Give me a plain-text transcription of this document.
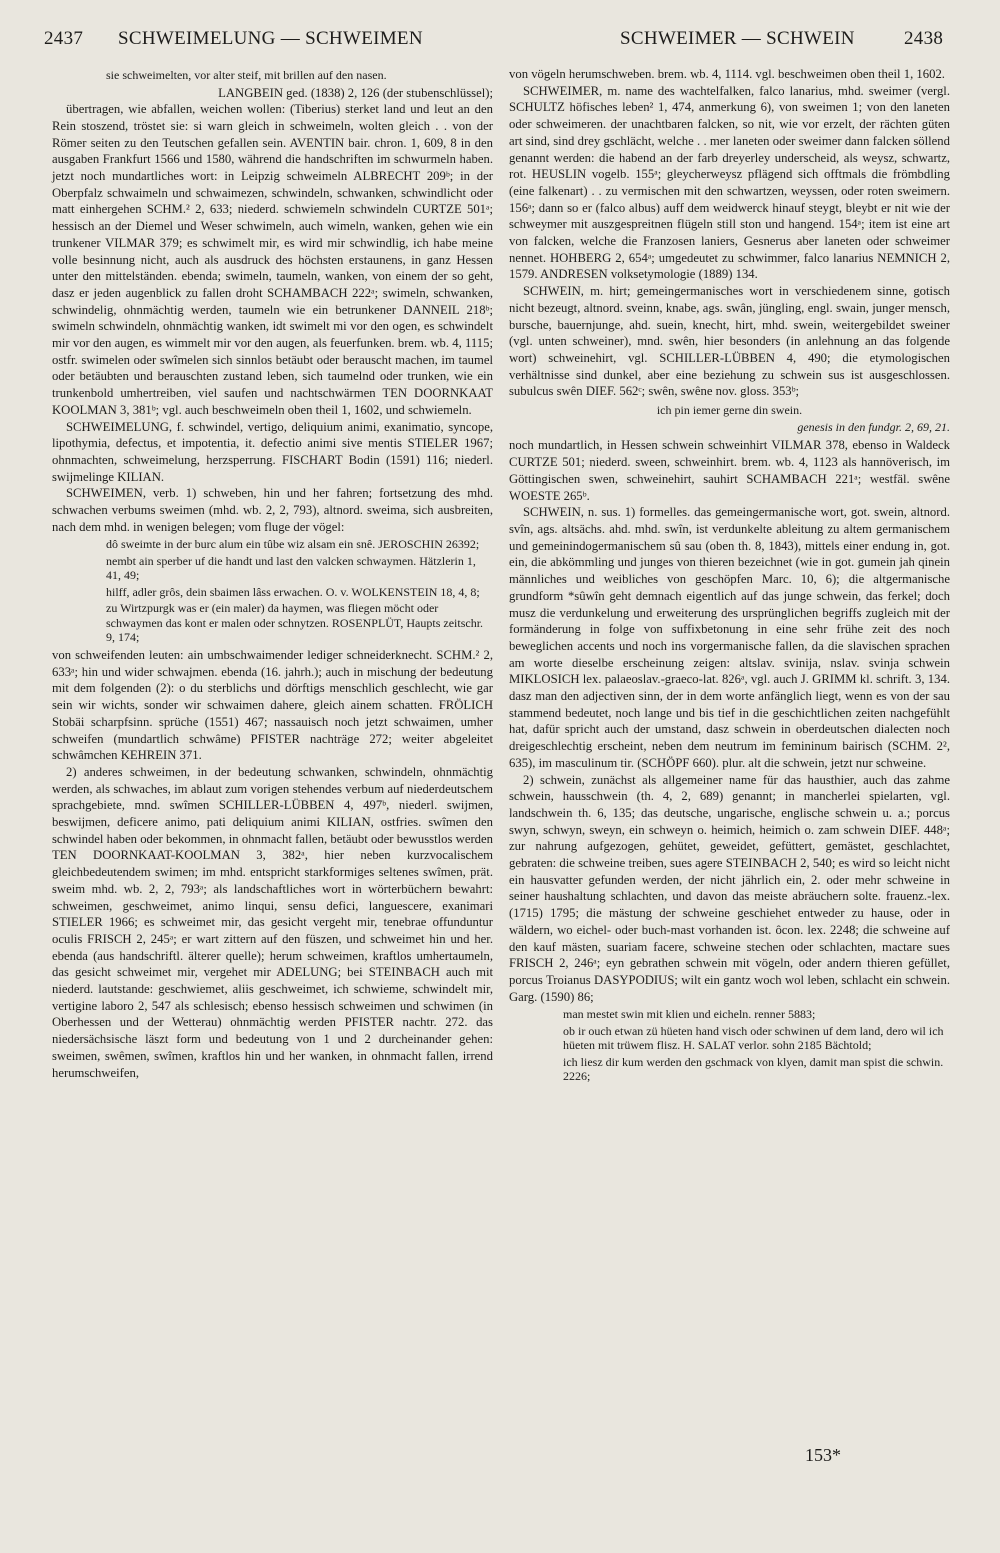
2437 SCHWEIMELUNG — SCHWEIMEN	SCHWEIMER — SCHWEIN	2438
sie schweimelten, vor alter steif, mit brillen auf den nasen.

LANGBEIN ged. (1838) 2, 126 (der stubenschlüssel);

übertragen, wie abfallen, weichen wollen: (Tiberius) sterket land und leut an den Rein stoszend, tröstet sie: si warn gleich in schweimeln, wolten gleich . . von der Römer seiten zu den Teutschen gefallen sein. AVENTIN bair. chron. 1, 609, 8 in den ausgaben Frankfurt 1566 und 1580, während die handschriften im schwurmeln haben. jetzt noch mundartliches wort: in Leipzig schweimeln ALBRECHT 209ᵇ; in der Oberpfalz schwaimeln und schwaimezen, schwindeln, schwanken, schwindlicht oder matt einhergehen SCHM.² 2, 633; niederd. schwiemeln schwindeln CURTZE 501ᵃ; hessisch an der Diemel und Weser schwimeln, auch wimeln, wanken, gehen wie ein trunkener VILMAR 379; es schwimelt mir, es wird mir schwindlig, ich habe meine volle besinnung nicht, auch als ausdruck des höchsten erstaunens, in ganz Hessen unter den mittelständen. ebenda; swimeln, taumeln, wanken, von einem der so geht, dasz er jeden augenblick zu fallen droht SCHAMBACH 222ᵃ; swimeln, schwanken, schwindelig, ohnmächtig werden, taumeln wie ein betrunkener DANNEIL 218ᵇ; swimeln schwindeln, ohnmächtig wanken, idt swimelt mi vor den ogen, es schwindelt mir vor den augen, es wimmelt mir vor den augen, als feuerfunken. brem. wb. 4, 1115; ostfr. swimelen oder swîmelen sich sinnlos betäubt oder berauscht machen, im taumel oder betäubten und berauschten zustand leben, sich taumelnd oder trunken, wie ein trunkenbold umhertreiben, viel saufen und nachtschwärmen TEN DOORNKAAT KOOLMAN 3, 381ᵇ; vgl. auch beschweimeln oben theil 1, 1602, und schwiemeln.

SCHWEIMELUNG, f. schwindel, vertigo, deliquium animi, exanimatio, syncope, lipothymia, defectus, et impotentia, it. defectio animi sive mentis STIELER 1967; ohnmachten, schweimelung, herzsperrung. FISCHART Bodin (1591) 116; niederl. swijmelinge KILIAN.

SCHWEIMEN, verb. 1) schweben, hin und her fahren; fortsetzung des mhd. schwachen verbums sweimen (mhd. wb. 2, 2, 793), altnord. sweima, sich ausbreiten, nach dem mhd. in wenigen belegen; vom fluge der vögel:

dô sweimte in der burc alum ein tûbe wiz alsam ein snê. JEROSCHIN 26392;
nembt ain sperber uf die handt und last den valcken schwaymen. Hätzlerin 1, 41, 49;
hilff, adler grôs, dein sbaimen lâss erwachen. O. v. WOLKENSTEIN 18, 4, 8;
zu Wirtzpurgk was er (ein maler) da haymen, was fliegen möcht oder schwaymen das kont er malen oder schnytzen. ROSENPLÜT, Haupts zeitschr. 9, 174;

von schweifenden leuten: ain umbschwaimender lediger schneiderknecht. SCHM.² 2, 633ᵃ; hin und wider schwajmen. ebenda (16. jahrh.); auch in mischung der bedeutung mit dem folgenden (2): o du sterblichs und dörftigs menschlich geschlecht, wie gar sein wir wichts, sonder wir schwaimen dahere, gleich ainem schatten. FRÖLICH Stobäi scharpfsinn. sprüche (1551) 467; nassauisch noch jetzt schwaimen, umher schweifen (mundartlich schwâme) PFISTER nachträge 272; weiter abgeleitet schwâmchen KEHREIN 371.

2) anderes schweimen, in der bedeutung schwanken, schwindeln, ohnmächtig werden, als schwaches, im ablaut zum vorigen stehendes verbum auf niederdeutschem sprachgebiete, mnd. swîmen SCHILLER-LÜBBEN 4, 497ᵇ, niederl. swijmen, beswijmen, deficere animo, pati deliquium animi KILIAN, ostfries. swîmen den schwindel haben oder bekommen, in ohnmacht fallen, betäubt oder bewusstlos werden TEN DOORNKAAT-KOOLMAN 3, 382ᵃ, hier neben kurzvocalischem gleichbedeutendem swimen; im mhd. entspricht starkformiges seltenes swîmen, prät. sweim mhd. wb. 2, 2, 793ᵃ; als landschaftliches wort in wörterbüchern bewahrt: schweimen, geschweimet, animo linqui, sensu defici, languescere, exanimari STIELER 1966; es schweimet mir, das gesicht vergeht mir, tenebrae offunduntur oculis FRISCH 2, 245ᵃ; er wart zittern auf den füszen, und schweimet hin und her. ebenda (aus handschriftl. älterer quelle); herum schweimen, kraftlos umhertaumeln, das gesicht schweimet mir, vergehet mir ADELUNG; bei STEINBACH auch mit niederd. lautstande: geschwiemet, aliis geschweimet, ich schwieme, schwindelt mir, vertigine laboro 2, 547 als schlesisch; ebenso hessisch schweimen und schwimen (in Oberhessen und der Wetterau) ohnmächtig werden PFISTER nachtr. 272. das niedersächsische läszt form und bedeutung von 1 und 2 durcheinander gehen: sweimen, swêmen, swîmen, kraftlos hin und her wanken, in ohnmacht fallen, irrend herumschweifen,

von vögeln herumschweben. brem. wb. 4, 1114. vgl. beschweimen oben theil 1, 1602.

SCHWEIMER, m. name des wachtelfalken, falco lanarius, mhd. sweimer (vergl. SCHULTZ höfisches leben² 1, 474, anmerkung 6), von sweimen 1; von den laneten oder schweimeren. der unachtbaren falcken, so nit, wie vor erzelt, der rächten güten art sind, sind drey gschlächt, welche . . mer laneten oder sweimer dann falcken söllend genannt werden: die habend an der farb dreyerley underscheid, als weysz, schwartz, rot. HEUSLIN vogelb. 155ᵃ; gleycherweysz pflägend sich offtmals die frömbdling (eine falkenart) . . zu vermischen mit den schwartzen, weyssen, oder roten sweimern. 156ᵃ; dann so er (falco albus) auff dem weidwerck hinauf steygt, bleybt er nit wie der schweymer mit auszgespreitnen flügeln still ston und hangend. 154ᵃ; item ist eine art von falcken, welche die Franzosen laniers, Gesnerus aber laneten oder schweimer nennet. HOHBERG 2, 654ᵃ; umgedeutet zu schwimmer, falco lanarius NEMNICH 2, 1579. ANDRESEN volksetymologie (1889) 134.

SCHWEIN, m. hirt; gemeingermanisches wort in verschiedenem sinne, gotisch nicht bezeugt, altnord. sveinn, knabe, ags. swân, jüngling, engl. swain, junger mensch, bursche, bauernjunge, ahd. suein, knecht, hirt, mhd. swein, weitergebildet sweiner (vgl. unten schweiner), mnd. swên, hier besonders (in anlehnung an das folgende wort) schweinehirt, vgl. SCHILLER-LÜBBEN 4, 490; die etymologischen verhältnisse sind dunkel, aber eine beziehung zu schwein sus ist ausgeschlossen. subulcus swên DIEF. 562ᶜ; swên, swêne nov. gloss. 353ᵇ;

ich pin iemer gerne din swein.
genesis in den fundgr. 2, 69, 21.

noch mundartlich, in Hessen schwein schweinhirt VILMAR 378, ebenso in Waldeck CURTZE 501; niederd. sween, schweinhirt. brem. wb. 4, 1123 als hannöverisch, im Göttingischen swen, schweinehirt, sauhirt SCHAMBACH 221ᵃ; westfäl. swêne WOESTE 265ᵇ.

SCHWEIN, n. sus. 1) formelles. das gemeingermanische wort, got. swein, altnord. svîn, ags. altsächs. ahd. mhd. swîn, ist verdunkelte ableitung zu altem germanischem und gemeinindogermanischem sû sau (oben th. 8, 1843), mittels einer endung in, got. ein, die abkömmling und junges von thieren bezeichnet (wie in got. gumein jah qinein männliches und weibliches von geschöpfen Marc. 10, 6); die altgermanische grundform *sûwîn geht demnach eigentlich auf das junge schwein, das ferkel; doch musz die verdunkelung und erweiterung des ursprünglichen begriffs zugleich mit der formänderung in folge von suffixbetonung in eine sehr frühe zeit des noch beweglichen accents und noch ins vorgermanische fallen, da die slavischen sprachen am worte dieselbe erscheinung zeigen: altslav. svinija, nslav. svinja schwein MIKLOSICH lex. palaeoslav.-graeco-lat. 826ᵃ, vgl. auch J. GRIMM kl. schrift. 3, 134. dasz man den adjectiven sinn, der in dem worte anfänglich liegt, wenn es von der sau stammend bedeutet, noch lange und bis tief in die geschichtlichen zeiten nachgefühlt hat, dafür spricht auch der umstand, dasz schwein in oberdeutschen dialecten noch dreigeschlechtig erscheint, neben dem neutrum im femininum bairisch (SCHM. 2², 635), im masculinum tir. (SCHÖPF 660). plur. alt die schwein, jetzt nur schweine.

2) schwein, zunächst als allgemeiner name für das hausthier, auch das zahme schwein, hausschwein (th. 4, 2, 689) genannt; in mancherlei spielarten, vgl. landschwein th. 6, 135; das deutsche, ungarische, englische schwein u. a.; porcus swyn, schwyn, sweyn, ein schweyn o. heimich, heimich o. zam schwein DIEF. 448ᵃ; zur nahrung aufgezogen, gehütet, geweidet, gefüttert, gemästet, geschlachtet, gebraten: die schweine treiben, sues agere STEINBACH 2, 540; es wird so leicht nicht ein hausvatter gefunden werden, der nicht jährlich ein, 2. oder mehr schweine in seiner haushaltung schlachten, und davon das meiste abräuchern solte. frauenz.-lex. (1715) 1795; die mästung der schweine geschiehet entweder zu hause, oder in wäldern, wo eichel- oder buch-mast vorhanden ist. ôcon. lex. 2248; die schweine auf den kauf mästen, suariam facere, schweine stechen oder schlachten, mactare sues FRISCH 2, 246ᵃ; eyn gebrathen schwein mit vögeln, oder andern thieren gefüllet, porcus Troianus DASYPODIUS; wilt ein gantz woch wol leben, schlacht ein schwein. Garg. (1590) 86;

man mestet swin mit klien und eicheln. renner 5883;
ob ir ouch etwan zü hüeten hand visch oder schwinen uf dem land, dero wil ich hüeten mit trüwem flisz. H. SALAT verlor. sohn 2185 Bächtold;
ich liesz dir kum werden den gschmack von klyen, damit man spist die schwin. 2226;
153*
